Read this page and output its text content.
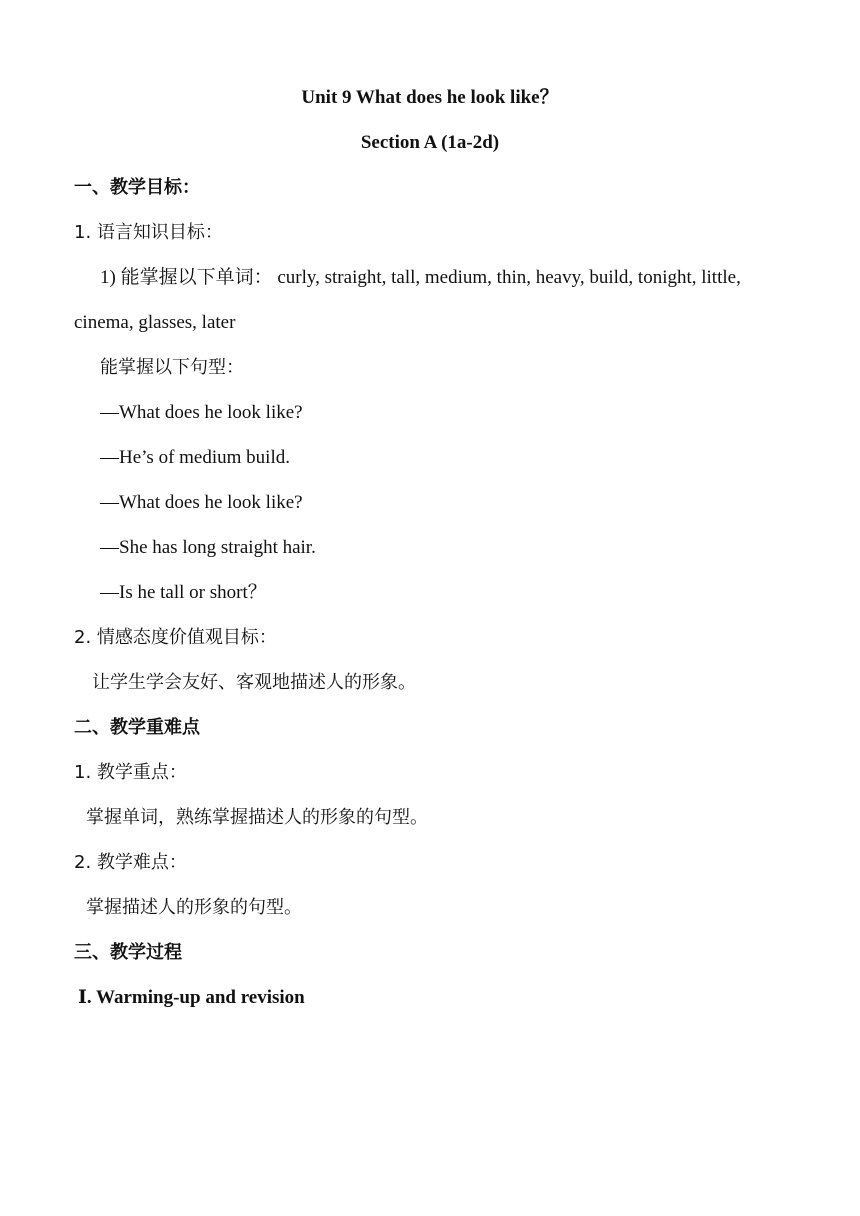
Unit 9 What does he look like？
Section A (1a-2d)
一、教学目标：
1. 语言知识目标：
1) 能掌握以下单词： curly, straight, tall, medium, thin, heavy, build, tonight, little,
cinema, glasses, later
能掌握以下句型：
—What does he look like?
—He’s of medium build.
—What does he look like?
—She has long straight hair.
—Is he tall or short？
2. 情感态度价值观目标：
让学生学会友好、客观地描述人的形象。
二、教学重难点
1. 教学重点：
掌握单词，熟练掌握描述人的形象的句型。
2. 教学难点：
掌握描述人的形象的句型。
三、教学过程
Ⅰ. Warming-up and revision
